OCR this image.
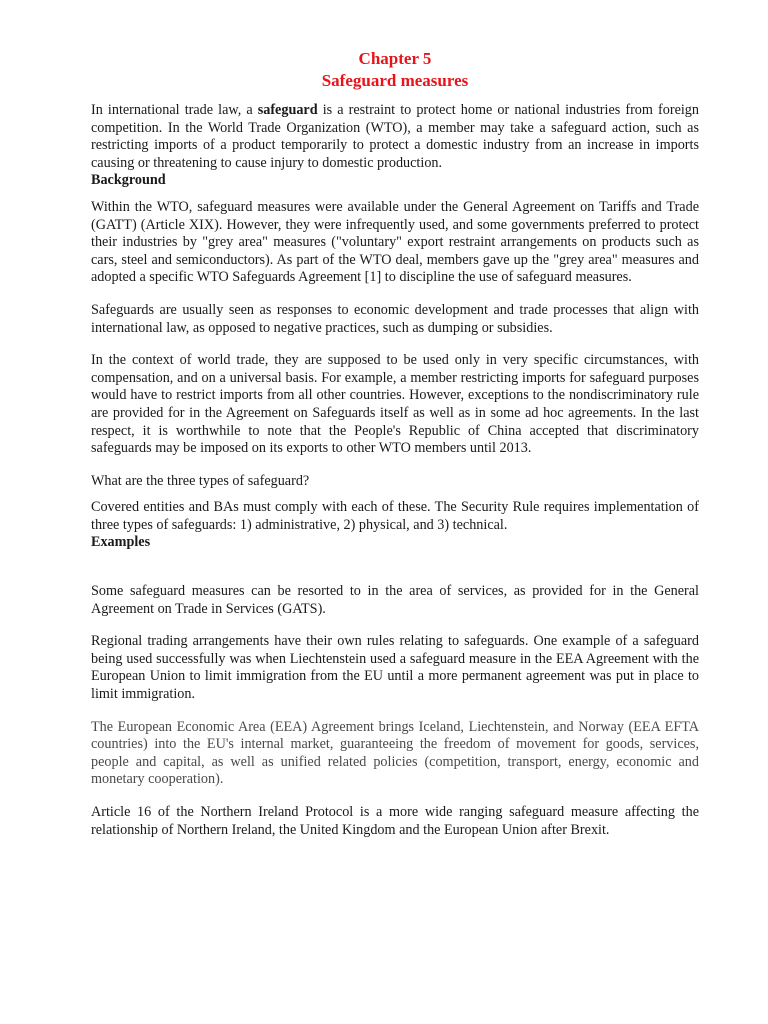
Chapter 5
Safeguard measures

In international trade law, a safeguard is a restraint to protect home or national industries from foreign competition. In the World Trade Organization (WTO), a member may take a safeguard action, such as restricting imports of a product temporarily to protect a domestic industry from an increase in imports causing or threatening to cause injury to domestic production.

Background

Within the WTO, safeguard measures were available under the General Agreement on Tariffs and Trade (GATT) (Article XIX). However, they were infrequently used, and some governments preferred to protect their industries by "grey area" measures ("voluntary" export restraint arrangements on products such as cars, steel and semiconductors). As part of the WTO deal, members gave up the "grey area" measures and adopted a specific WTO Safeguards Agreement [1] to discipline the use of safeguard measures.

Safeguards are usually seen as responses to economic development and trade processes that align with international law, as opposed to negative practices, such as dumping or subsidies.

In the context of world trade, they are supposed to be used only in very specific circumstances, with compensation, and on a universal basis. For example, a member restricting imports for safeguard purposes would have to restrict imports from all other countries. However, exceptions to the nondiscriminatory rule are provided for in the Agreement on Safeguards itself as well as in some ad hoc agreements. In the last respect, it is worthwhile to note that the People's Republic of China accepted that discriminatory safeguards may be imposed on its exports to other WTO members until 2013.

What are the three types of safeguard?

Covered entities and BAs must comply with each of these. The Security Rule requires implementation of three types of safeguards: 1) administrative, 2) physical, and 3) technical.

Examples

Some safeguard measures can be resorted to in the area of services, as provided for in the General Agreement on Trade in Services (GATS).

Regional trading arrangements have their own rules relating to safeguards. One example of a safeguard being used successfully was when Liechtenstein used a safeguard measure in the EEA Agreement with the European Union to limit immigration from the EU until a more permanent agreement was put in place to limit immigration.

The European Economic Area (EEA) Agreement brings Iceland, Liechtenstein, and Norway (EEA EFTA countries) into the EU's internal market, guaranteeing the freedom of movement for goods, services, people and capital, as well as unified related policies (competition, transport, energy, economic and monetary cooperation).

Article 16 of the Northern Ireland Protocol is a more wide ranging safeguard measure affecting the relationship of Northern Ireland, the United Kingdom and the European Union after Brexit.
